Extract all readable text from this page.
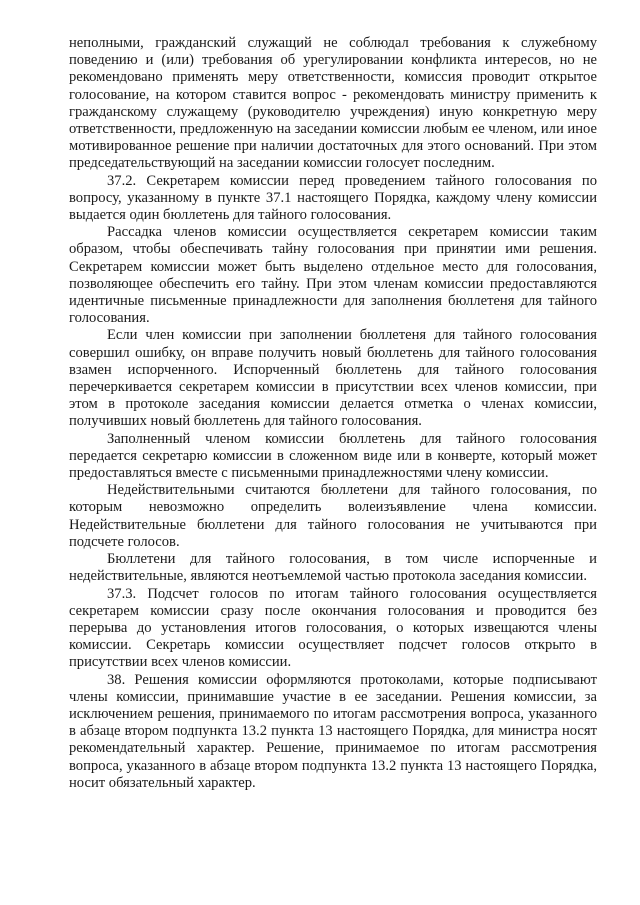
неполными, гражданский служащий не соблюдал требования к служебному поведению и (или) требования об урегулировании конфликта интересов, но не рекомендовано применять меру ответственности, комиссия проводит открытое голосование, на котором ставится вопрос - рекомендовать министру применить к гражданскому служащему (руководителю учреждения) иную конкретную меру ответственности, предложенную на заседании комиссии любым ее членом, или иное мотивированное решение при наличии достаточных для этого оснований. При этом председательствующий на заседании комиссии голосует последним.

37.2. Секретарем комиссии перед проведением тайного голосования по вопросу, указанному в пункте 37.1 настоящего Порядка, каждому члену комиссии выдается один бюллетень для тайного голосования.

Рассадка членов комиссии осуществляется секретарем комиссии таким образом, чтобы обеспечивать тайну голосования при принятии ими решения. Секретарем комиссии может быть выделено отдельное место для голосования, позволяющее обеспечить его тайну. При этом членам комиссии предоставляются идентичные письменные принадлежности для заполнения бюллетеня для тайного голосования.

Если член комиссии при заполнении бюллетеня для тайного голосования совершил ошибку, он вправе получить новый бюллетень для тайного голосования взамен испорченного. Испорченный бюллетень для тайного голосования перечеркивается секретарем комиссии в присутствии всех членов комиссии, при этом в протоколе заседания комиссии делается отметка о членах комиссии, получивших новый бюллетень для тайного голосования.

Заполненный членом комиссии бюллетень для тайного голосования передается секретарю комиссии в сложенном виде или в конверте, который может предоставляться вместе с письменными принадлежностями члену комиссии.

Недействительными считаются бюллетени для тайного голосования, по которым невозможно определить волеизъявление члена комиссии. Недействительные бюллетени для тайного голосования не учитываются при подсчете голосов.

Бюллетени для тайного голосования, в том числе испорченные и недействительные, являются неотъемлемой частью протокола заседания комиссии.

37.3. Подсчет голосов по итогам тайного голосования осуществляется секретарем комиссии сразу после окончания голосования и проводится без перерыва до установления итогов голосования, о которых извещаются члены комиссии. Секретарь комиссии осуществляет подсчет голосов открыто в присутствии всех членов комиссии.

38. Решения комиссии оформляются протоколами, которые подписывают члены комиссии, принимавшие участие в ее заседании. Решения комиссии, за исключением решения, принимаемого по итогам рассмотрения вопроса, указанного в абзаце втором подпункта 13.2 пункта 13 настоящего Порядка, для министра носят рекомендательный характер. Решение, принимаемое по итогам рассмотрения вопроса, указанного в абзаце втором подпункта 13.2 пункта 13 настоящего Порядка, носит обязательный характер.
